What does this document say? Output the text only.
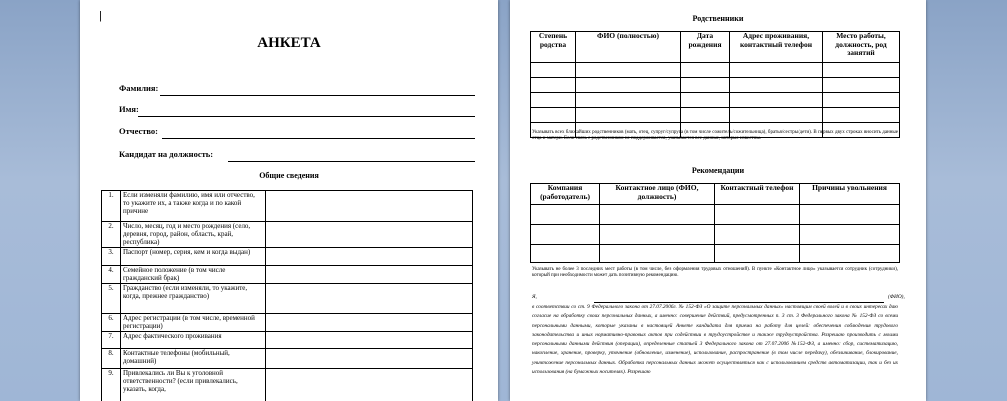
|
АНКЕТА
Фамилия:
Имя:
Отчество:
Кандидат на должность:
Общие сведения
1.	Если изменяли фамилию, имя или отчество, то укажите их, а также когда и по какой причине	
2.	Число, месяц, год и место рождения (село, деревня, город, район, область, край, республика)	
3.	Паспорт (номер, серия, кем и когда выдан)	
4.	Семейное положение (в том числе гражданский брак)	
5.	Гражданство (если изменяли, то укажите, когда, прежнее гражданство)	
6.	Адрес регистрации (в том числе, временной регистрации)	
7.	Адрес фактического проживания	
8.	Контактные телефоны (мобильный, домашний)	
9.	Привлекались ли Вы к уголовной ответственности? (если привлекались, указать, когда,	
Родственники
Степень родства	ФИО (полностью)	Дата рождения	Адрес проживания, контактный телефон	Место работы, должность, род занятий

Указывать всех ближайших родственников (мать, отец, супруг/супруга (в том числе сожитель/сожительница), братья/сестры/дети). В первых двух строках вносить данные отца и матери. Если связь с родственником не поддерживается, указывается все данные, которые известны.
Рекомендации
Компания (работодатель)	Контактное лицо (ФИО, должность)	Контактный телефон	Причины увольнения

Указывать не более 3 последних мест работы (в том числе, без оформления трудовых отношений). В пункте «Контактное лицо» указывается сотрудник (сотрудники), который при необходимости может дать позитивную рекомендацию.
Я,	(ФИО),
в соответствии со ст. 9 Федерального закона от 27.07.2006г. № 152-ФЗ «О защите персональных данных» настоящим своей волей и в своих интересах даю согласие на обработку своих персональных данных, а именно: совершение действий, предусмотренных п. 3 ст. 3 Федерального закона № 152-ФЗ со всеми персональными данными, которые указаны в настоящей Анкете кандидата для приема на работу для целей: обеспечения соблюдения трудового законодательства и иных нормативно-правовых актов при содействии в трудоустройстве и также трудоустройства. Разрешаю производить с моими персональными данными действия (операции), определенные статьей 3 Федерального закона от 27.07.2006 №152-ФЗ, а именно: сбор, систематизацию, накопление, хранение, проверку, уточнение (обновление, изменение), использование, распространение (в том числе передачу), обезличивание, блокирование, уничтожение персональных данных. Обработка персональных данных может осуществляться как с использованием средств автоматизации, так и без их использования (на бумажных носителях). Разрешаю
